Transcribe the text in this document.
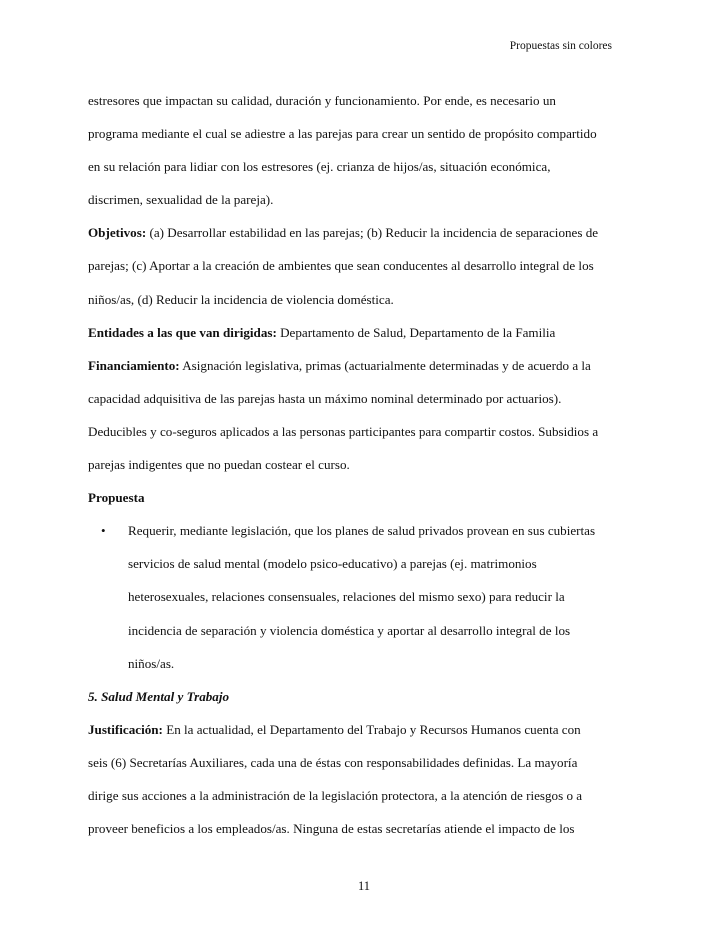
Propuestas sin colores

estresores que impactan su calidad, duración y funcionamiento. Por ende, es necesario un

programa mediante el cual se adiestre a las parejas para crear un sentido de propósito compartido

en su relación para lidiar con los estresores (ej. crianza de hijos/as, situación económica,

discrimen, sexualidad de la pareja).

Objetivos: (a) Desarrollar estabilidad en las parejas; (b) Reducir la incidencia de separaciones de

parejas; (c) Aportar a la creación de ambientes que sean conducentes al desarrollo integral de los

niños/as, (d) Reducir la incidencia de violencia doméstica.

Entidades a las que van dirigidas: Departamento de Salud, Departamento de la Familia

Financiamiento: Asignación legislativa, primas (actuarialmente determinadas y de acuerdo a la

capacidad adquisitiva de las parejas hasta un máximo nominal determinado por actuarios).

Deducibles y co-seguros aplicados a las personas participantes para compartir costos. Subsidios a

parejas indigentes que no puedan costear el curso.

Propuesta

•	Requerir, mediante legislación, que los planes de salud privados provean en sus cubiertas

servicios de salud mental (modelo psico-educativo) a parejas (ej. matrimonios

heterosexuales, relaciones consensuales, relaciones del mismo sexo) para reducir la

incidencia de separación y violencia doméstica y aportar al desarrollo integral de los

niños/as.

5. Salud Mental y Trabajo

Justificación: En la actualidad, el Departamento del Trabajo y Recursos Humanos cuenta con

seis (6) Secretarías Auxiliares, cada una de éstas con responsabilidades definidas. La mayoría

dirige sus acciones a la administración de la legislación protectora, a la atención de riesgos o a

proveer beneficios a los empleados/as. Ninguna de estas secretarías atiende el impacto de los

11
